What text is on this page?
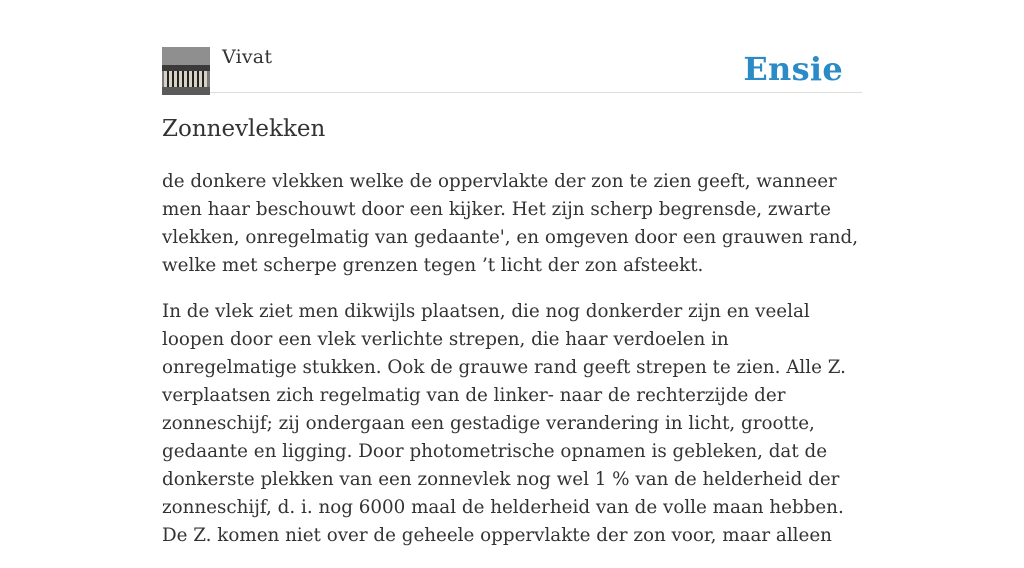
Vivat	Ensie
Zonnevlekken

de donkere vlekken welke de oppervlakte der zon te zien geeft, wanneer men haar beschouwt door een kijker. Het zijn scherp begrensde, zwarte vlekken, onregelmatig van gedaante', en omgeven door een grauwen rand, welke met scherpe grenzen tegen ’t licht der zon afsteekt.

In de vlek ziet men dikwijls plaatsen, die nog donkerder zijn en veelal loopen door een vlek verlichte strepen, die haar verdoelen in onregelmatige stukken. Ook de grauwe rand geeft strepen te zien. Alle Z. verplaatsen zich regelmatig van de linker- naar de rechterzijde der zonneschijf; zij ondergaan een gestadige verandering in licht, grootte, gedaante en ligging. Door photometrische opnamen is gebleken, dat de donkerste plekken van een zonnevlek nog wel 1 % van de helderheid der zonneschijf, d. i. nog 6000 maal de helderheid van de volle maan hebben. De Z. komen niet over de geheele oppervlakte der zon voor, maar alleen
